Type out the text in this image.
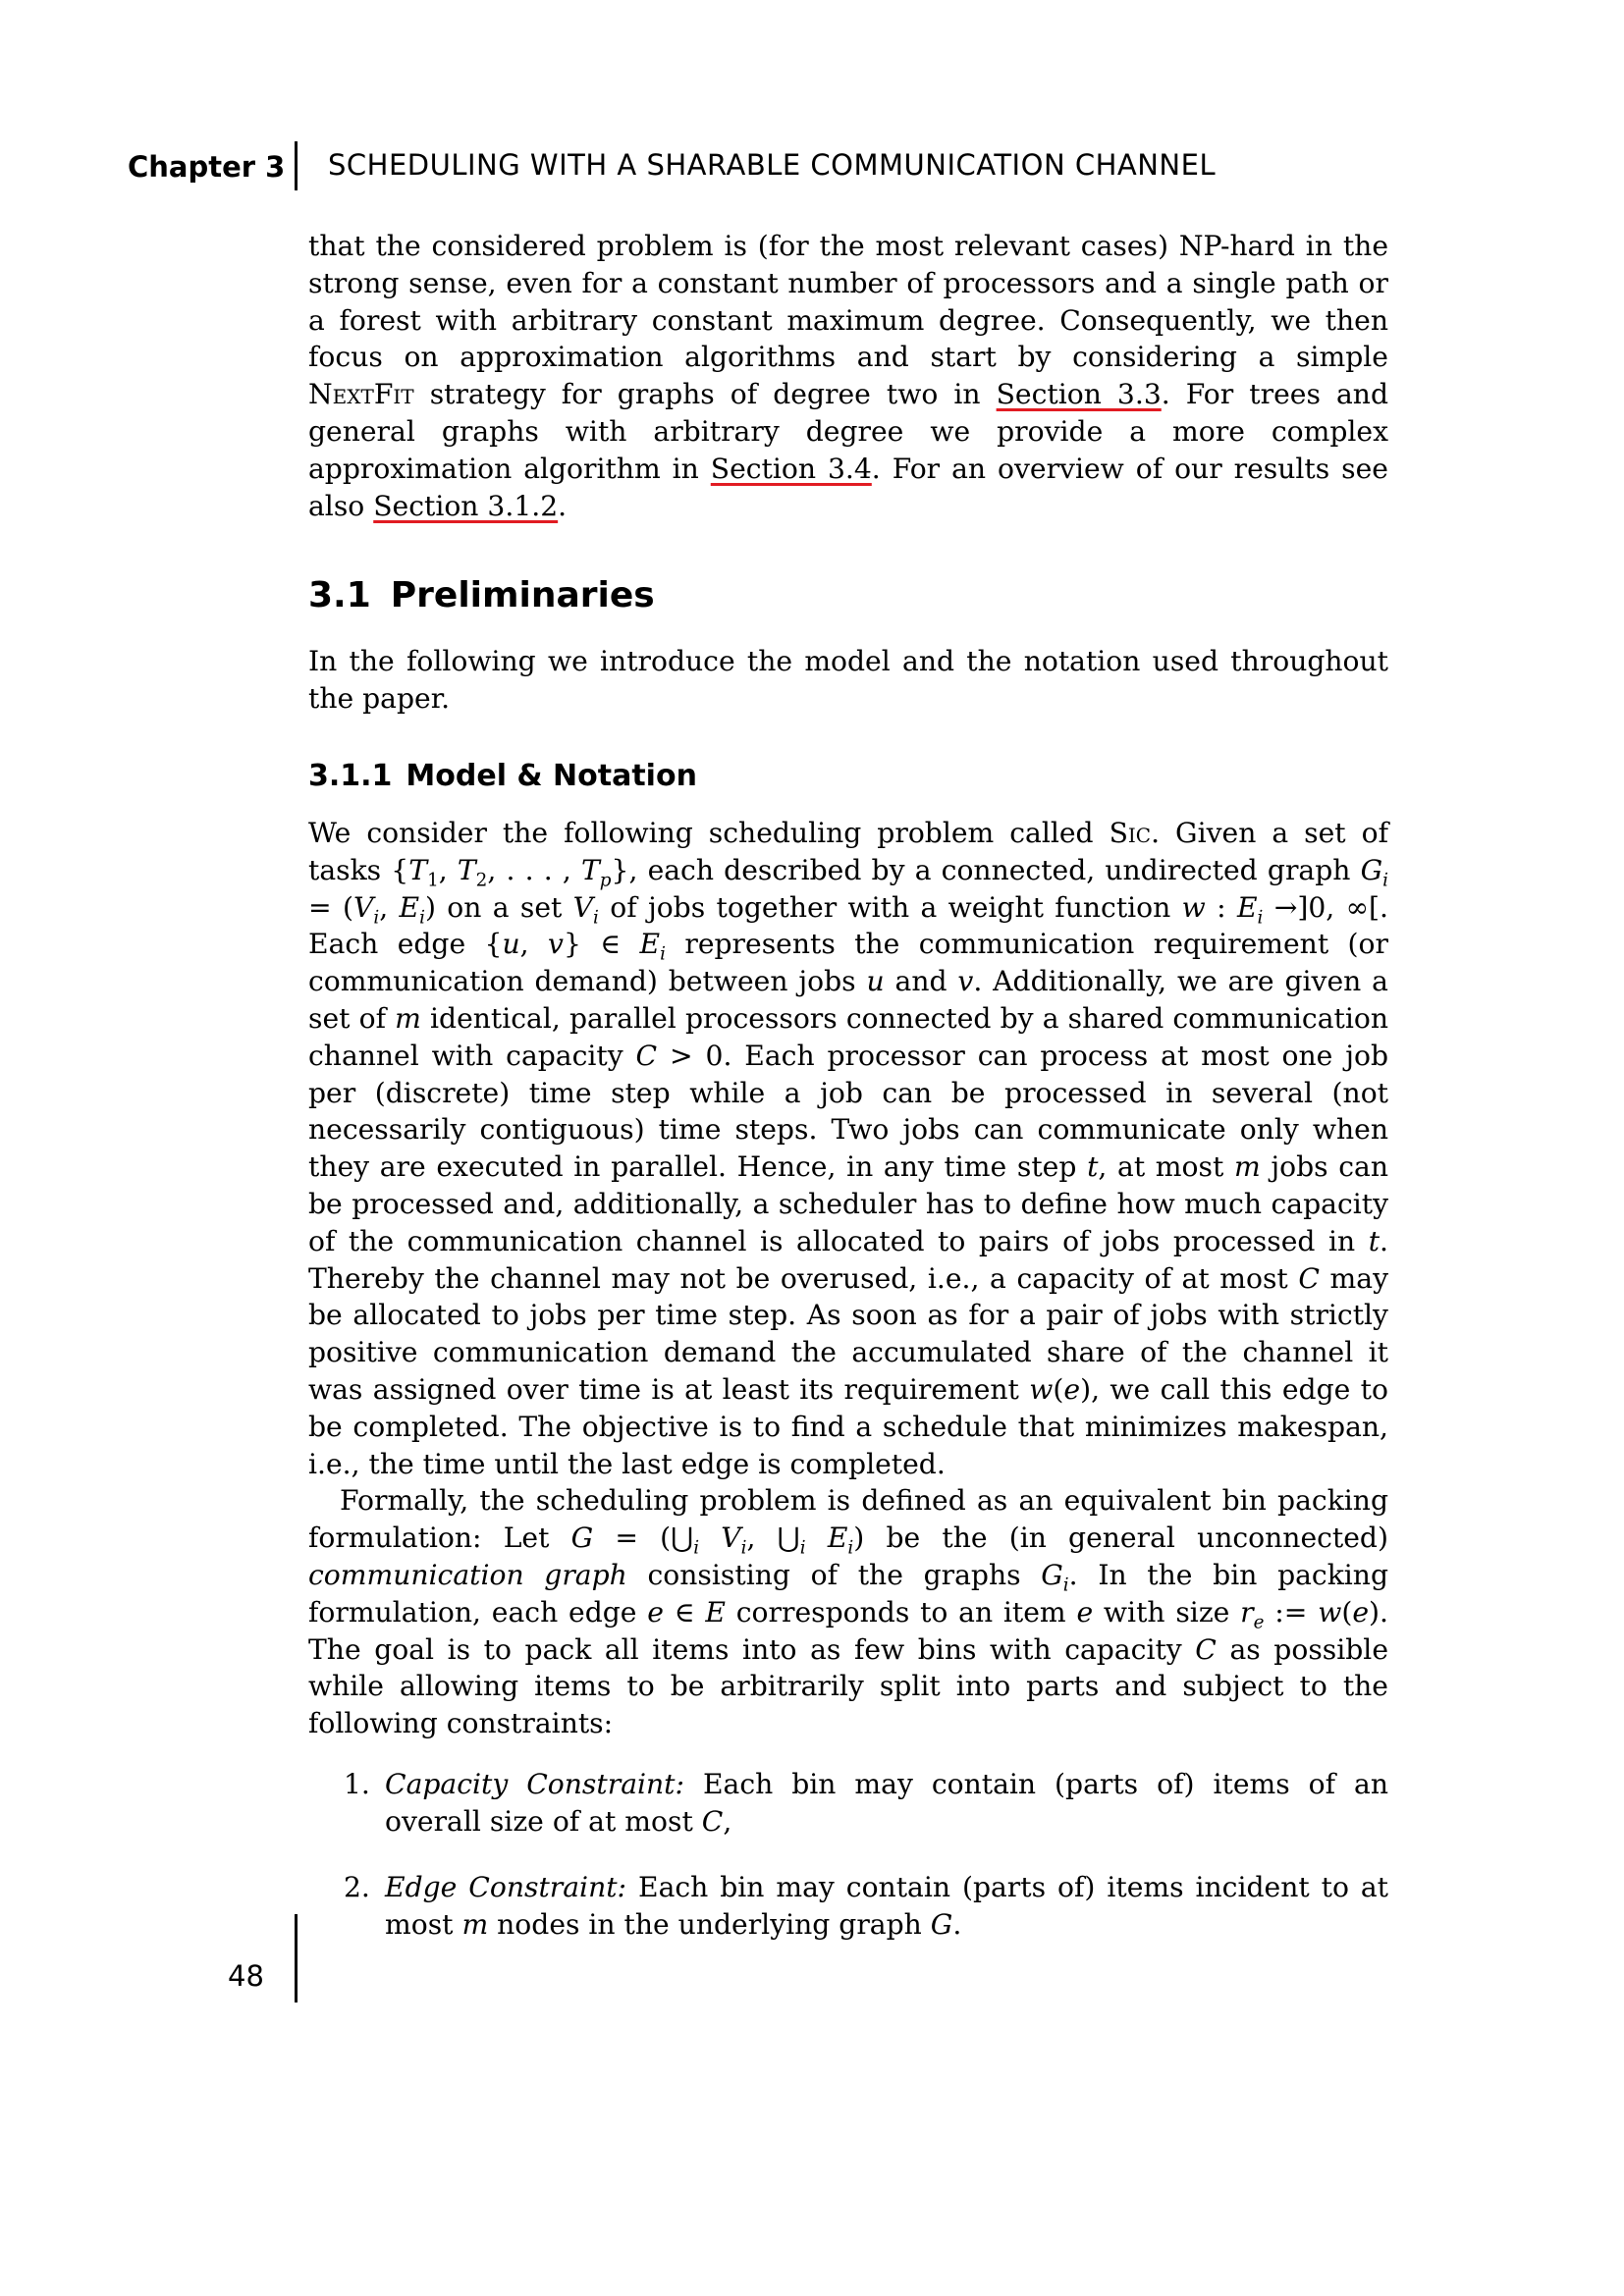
Chapter 3 SCHEDULING WITH A SHARABLE COMMUNICATION CHANNEL

that the considered problem is (for the most relevant cases) NP-hard in the strong sense, even for a constant number of processors and a single path or a forest with arbitrary constant maximum degree. Consequently, we then focus on approximation algorithms and start by considering a simple NextFit strategy for graphs of degree two in Section 3.3. For trees and general graphs with arbitrary degree we provide a more complex approximation algorithm in Section 3.4. For an overview of our results see also Section 3.1.2.

3.1 Preliminaries

In the following we introduce the model and the notation used throughout the paper.

3.1.1 Model & Notation

We consider the following scheduling problem called Sic. Given a set of tasks {$T_1$, $T_2$, . . . , $T_p$}, each described by a connected, undirected graph $G_i = (V_i$, $E_i$) on a set $V_i$ of jobs together with a weight function w : $E_i \to]0$, ∞[. Each edge {u, v} ∈ $E_i$ represents the communication requirement (or communication demand) between jobs u and v. Additionally, we are given a set of m identical, parallel processors connected by a shared communication channel with capacity C > 0. Each processor can process at most one job per (discrete) time step while a job can be processed in several (not necessarily contiguous) time steps. Two jobs can communicate only when they are executed in parallel. Hence, in any time step t, at most m jobs can be processed and, additionally, a scheduler has to define how much capacity of the communication channel is allocated to pairs of jobs processed in t. Thereby the channel may not be overused, i.e., a capacity of at most C may be allocated to jobs per time step. As soon as for a pair of jobs with strictly positive communication demand the accumulated share of the channel it was assigned over time is at least its requirement w(e), we call this edge to be completed. The objective is to find a schedule that minimizes makespan, i.e., the time until the last edge is completed.

Formally, the scheduling problem is defined as an equivalent bin packing formulation: Let $G = (⋃_i$ $V_i$, $⋃_i$ $E_i$) be the (in general unconnected) communication graph consisting of the graphs $G_i$. In the bin packing formulation, each edge e ∈ E corresponds to an item e with size $r_e$ := w(e). The goal is to pack all items into as few bins with capacity C as possible while allowing items to be arbitrarily split into parts and subject to the following constraints:

1. Capacity Constraint: Each bin may contain (parts of) items of an overall size of at most C,
2. Edge Constraint: Each bin may contain (parts of) items incident to at most m nodes in the underlying graph G.
48
